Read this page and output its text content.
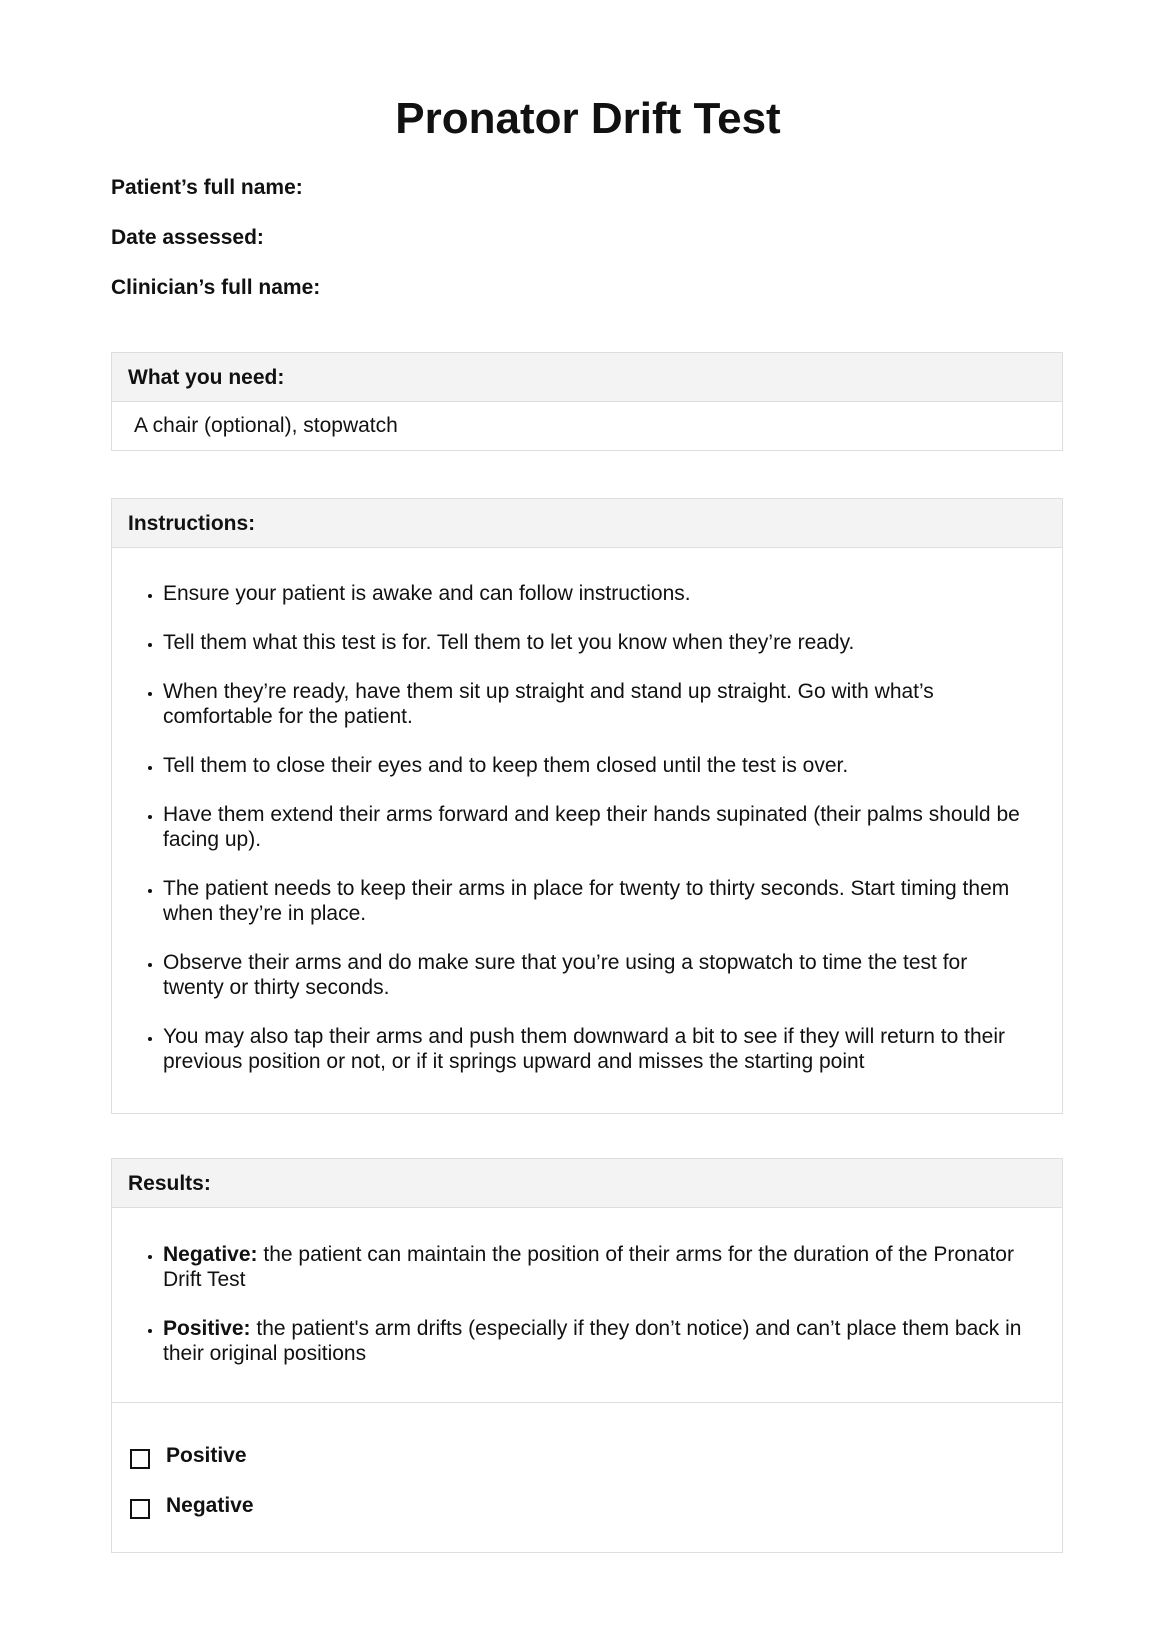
Pronator Drift Test
Patient’s full name:
Date assessed:
Clinician’s full name:
What you need:
A chair (optional), stopwatch
Instructions:
• Ensure your patient is awake and can follow instructions.
• Tell them what this test is for. Tell them to let you know when they’re ready.
• When they’re ready, have them sit up straight and stand up straight. Go with what’s comfortable for the patient.
• Tell them to close their eyes and to keep them closed until the test is over.
• Have them extend their arms forward and keep their hands supinated (their palms should be facing up).
• The patient needs to keep their arms in place for twenty to thirty seconds. Start timing them when they’re in place.
• Observe their arms and do make sure that you’re using a stopwatch to time the test for twenty or thirty seconds.
• You may also tap their arms and push them downward a bit to see if they will return to their previous position or not, or if it springs upward and misses the starting point
Results:
• Negative: the patient can maintain the position of their arms for the duration of the Pronator Drift Test
• Positive: the patient's arm drifts (especially if they don’t notice) and can’t place them back in their original positions
Positive
Negative
